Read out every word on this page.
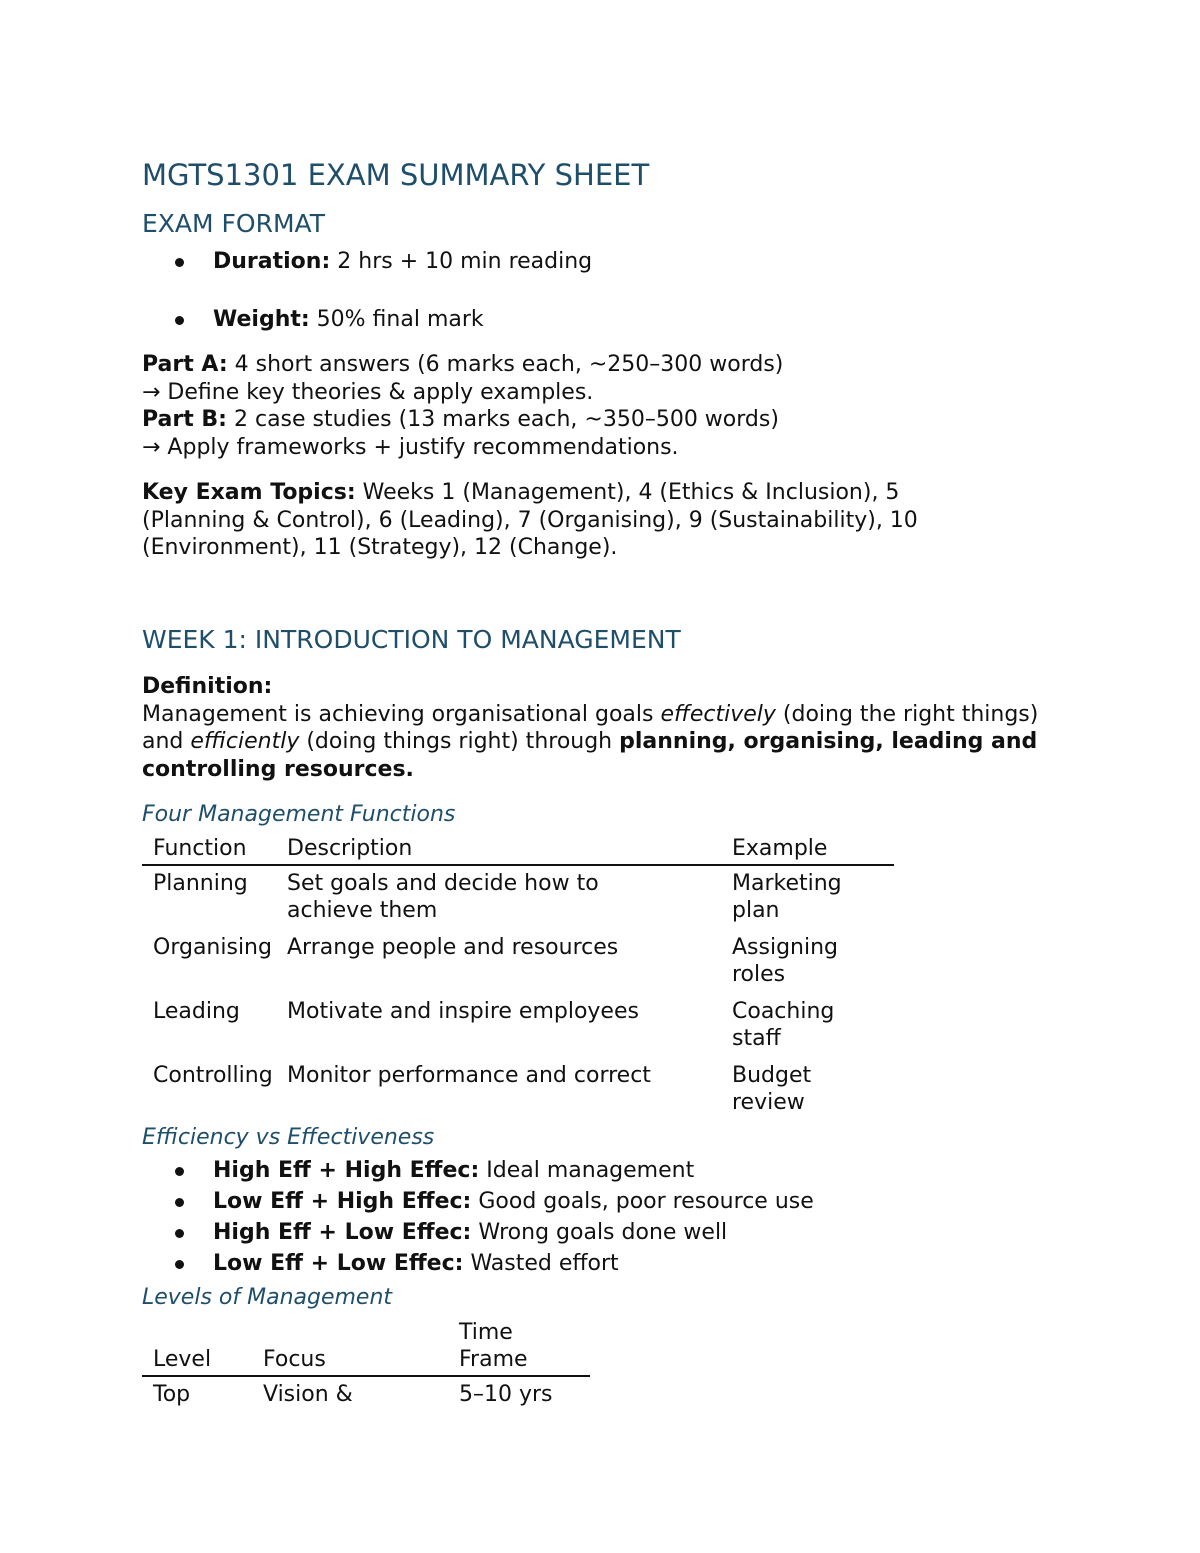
MGTS1301 EXAM SUMMARY SHEET
EXAM FORMAT
Duration: 2 hrs + 10 min reading
Weight: 50% final mark
Part A: 4 short answers (6 marks each, ~250–300 words)
→ Define key theories & apply examples.
Part B: 2 case studies (13 marks each, ~350–500 words)
→ Apply frameworks + justify recommendations.
Key Exam Topics: Weeks 1 (Management), 4 (Ethics & Inclusion), 5 (Planning & Control), 6 (Leading), 7 (Organising), 9 (Sustainability), 10 (Environment), 11 (Strategy), 12 (Change).
WEEK 1: INTRODUCTION TO MANAGEMENT
Definition:
Management is achieving organisational goals effectively (doing the right things) and efficiently (doing things right) through planning, organising, leading and controlling resources.
Four Management Functions
Function	Description	Example
Planning	Set goals and decide how to achieve them	Marketing plan
Organising	Arrange people and resources	Assigning roles
Leading	Motivate and inspire employees	Coaching staff
Controlling	Monitor performance and correct	Budget review
Efficiency vs Effectiveness
High Eff + High Effec: Ideal management
Low Eff + High Effec: Good goals, poor resource use
High Eff + Low Effec: Wrong goals done well
Low Eff + Low Effec: Wasted effort
Levels of Management
Level	Focus	Time Frame
Top	Vision &	5–10 yrs
